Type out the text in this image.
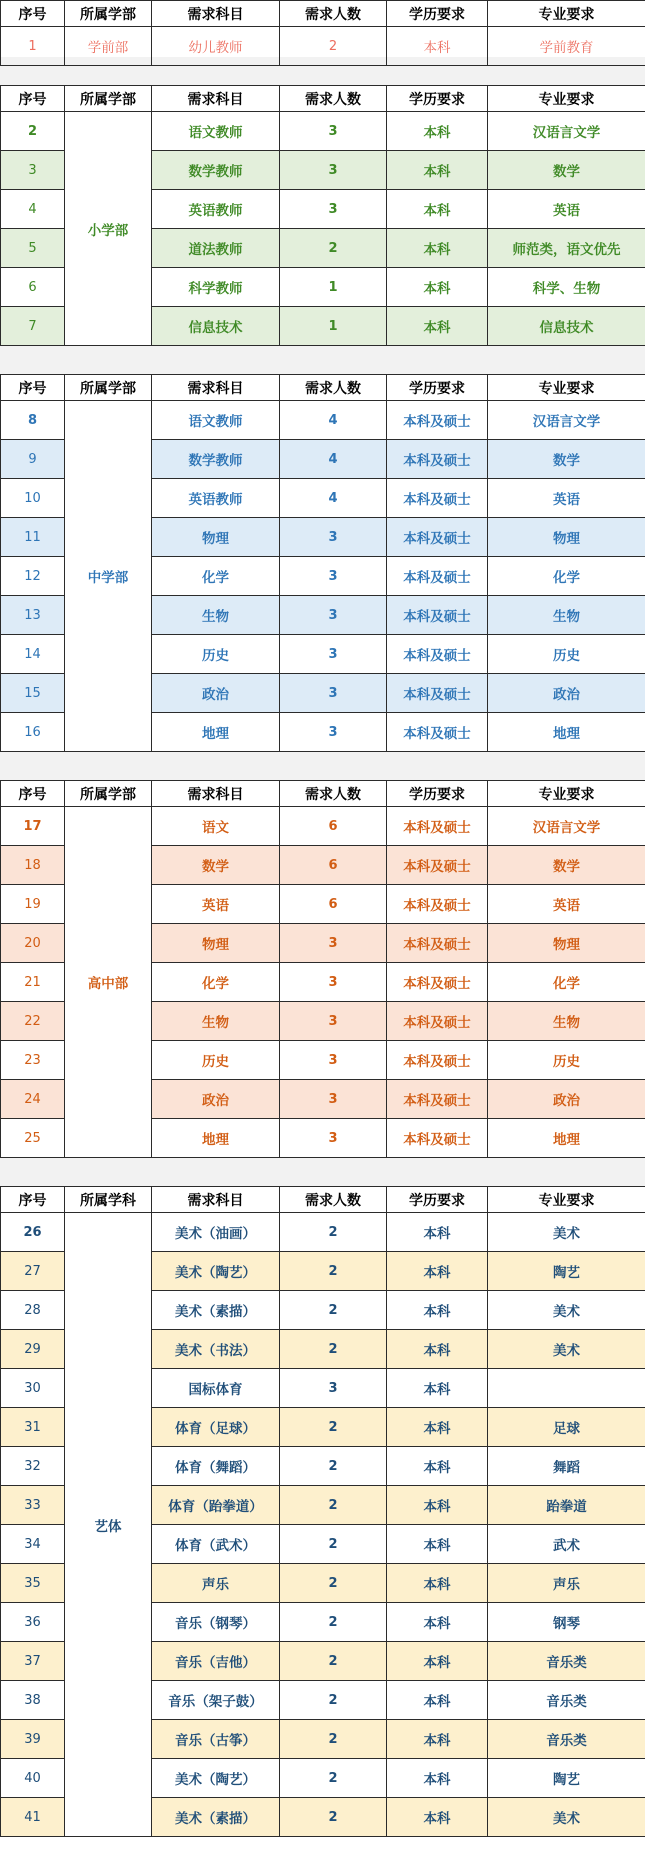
序号	所属学部	需求科目	需求人数	学历要求	专业要求
1	学前部	幼儿教师	2	本科	学前教育
序号	所属学部	需求科目	需求人数	学历要求	专业要求
2	小学部	语文教师	3	本科	汉语言文学
3		数学教师	3	本科	数学
4		英语教师	3	本科	英语
5		道法教师	2	本科	师范类，语文优先
6		科学教师	1	本科	科学、生物
7		信息技术	1	本科	信息技术
序号	所属学部	需求科目	需求人数	学历要求	专业要求
8	中学部	语文教师	4	本科及硕士	汉语言文学
9		数学教师	4	本科及硕士	数学
10		英语教师	4	本科及硕士	英语
11		物理	3	本科及硕士	物理
12		化学	3	本科及硕士	化学
13		生物	3	本科及硕士	生物
14		历史	3	本科及硕士	历史
15		政治	3	本科及硕士	政治
16		地理	3	本科及硕士	地理
序号	所属学部	需求科目	需求人数	学历要求	专业要求
17	高中部	语文	6	本科及硕士	汉语言文学
18		数学	6	本科及硕士	数学
19		英语	6	本科及硕士	英语
20		物理	3	本科及硕士	物理
21		化学	3	本科及硕士	化学
22		生物	3	本科及硕士	生物
23		历史	3	本科及硕士	历史
24		政治	3	本科及硕士	政治
25		地理	3	本科及硕士	地理
序号	所属学科	需求科目	需求人数	学历要求	专业要求
26	艺体	美术（油画）	2	本科	美术
27		美术（陶艺）	2	本科	陶艺
28		美术（素描）	2	本科	美术
29		美术（书法）	2	本科	美术
30		国标体育	3	本科	
31		体育（足球）	2	本科	足球
32		体育（舞蹈）	2	本科	舞蹈
33		体育（跆拳道）	2	本科	跆拳道
34		体育（武术）	2	本科	武术
35		声乐	2	本科	声乐
36		音乐（钢琴）	2	本科	钢琴
37		音乐（吉他）	2	本科	音乐类
38		音乐（架子鼓）	2	本科	音乐类
39		音乐（古筝）	2	本科	音乐类
40		美术（陶艺）	2	本科	陶艺
41		美术（素描）	2	本科	美术
